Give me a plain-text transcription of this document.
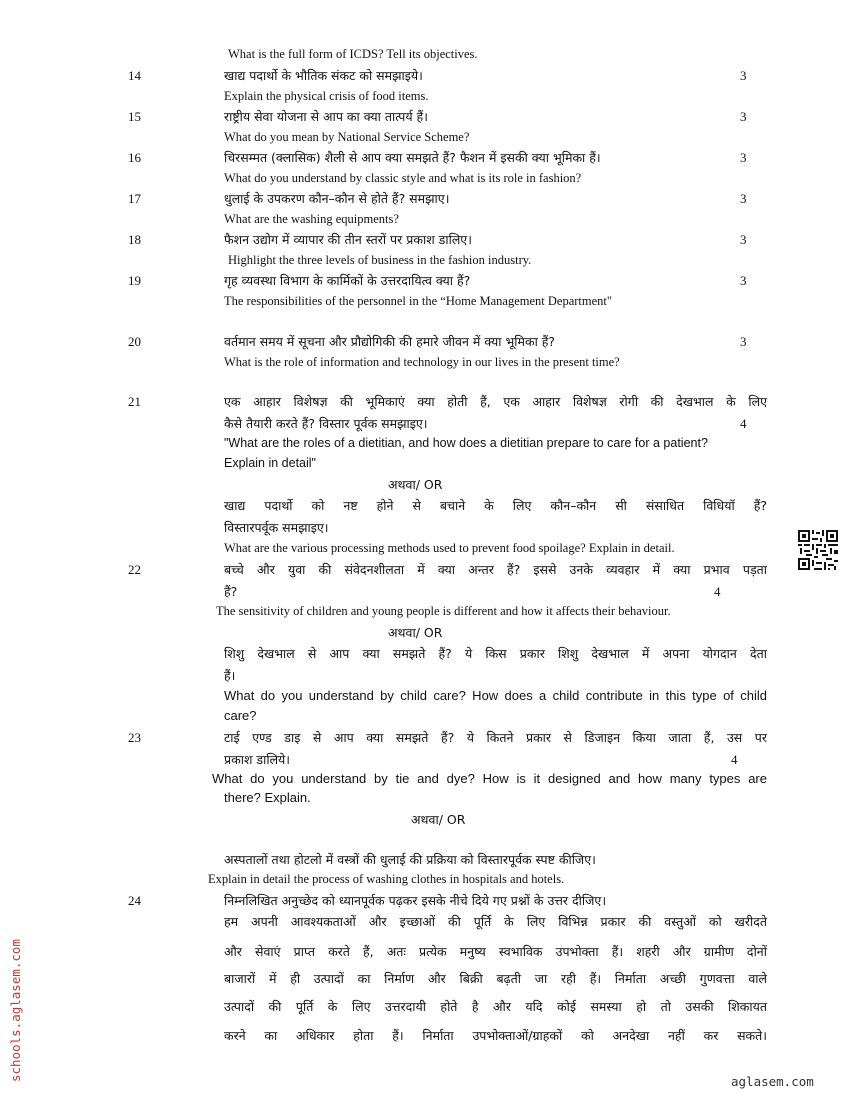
What is the full form of ICDS? Tell its objectives.
14	खाद्य पदार्थो के भौतिक संकट को समझाइये।	3
Explain the physical crisis of food items.
15	राष्ट्रीय सेवा योजना से आप का क्या तात्पर्य हैं।	3
What do you mean by National Service Scheme?
16	चिरसम्मत (क्लासिक) शैली से आप क्या समझते हैं? फैशन में इसकी क्या भूमिका हैं।	3
What do you understand by classic style and what is its role in fashion?
17	धुलाई के उपकरण कौन–कौन से होते हैं? समझाए।	3
What are the washing equipments?
18	फैशन उद्योग में व्यापार की तीन स्तरों पर प्रकाश डालिए।	3
Highlight the three levels of business in the fashion industry.
19	गृह व्यवस्था विभाग के कार्मिकों के उत्तरदायित्व क्या हैं?	3
The responsibilities of the personnel in the “Home Management Department"
20	वर्तमान समय में सूचना और प्रौद्योगिकी की हमारे जीवन में क्या भूमिका हैं?	3
What is the role of information and technology in our lives in the present time?
21	एक आहार विशेषज्ञ की भूमिकाएं क्या होती हैं, एक आहार विशेषज्ञ रोगी की देखभाल के लिए
कैसे तैयारी करते हैं? विस्तार पूर्वक समझाइए।	4
"What are the roles of a dietitian, and how does a dietitian prepare to care for a patient?
Explain in detail"
अथवा/ OR
खाद्य पदार्थो को नष्ट होने से बचाने के लिए कौन–कौन सी संसाधित विधियॉ हैं?
विस्तारपर्वूक समझाइए।
What are the various processing methods used to prevent food spoilage? Explain in detail.
22	बच्चे और युवा की संवेदनशीलता में क्या अन्तर हैं? इससे उनके व्यवहार में क्या प्रभाव पड़ता
हैं?	4
The sensitivity of children and young people is different and how it affects their behaviour.
अथवा/ OR
शिशु देखभाल से आप क्या समझते हैं? ये किस प्रकार शिशु देखभाल में अपना योगदान देता
हैं।
What do you understand by child care? How does a child contribute in this type of child
care?
23	टाई एण्ड डाइ से आप क्या समझते हैं? ये कितने प्रकार से डिजाइन किया जाता हैं, उस पर
प्रकाश डालिये।	4
What do you understand by tie and dye? How is it designed and how many types are
there? Explain.
अथवा/ OR
अस्पतालों तथा होटलो में वस्त्रों की धुलाई की प्रक्रिया को विस्तारपूर्वक स्पष्ट कीजिए।
Explain in detail the process of washing clothes in hospitals and hotels.
24	निम्नलिखित अनुच्छेद को ध्यानपूर्वक पढ़कर इसके नीचे दिये गए प्रश्नों के उत्तर दीजिए।
हम अपनी आवश्यकताओं और इच्छाओं की पूर्ति के लिए विभिन्न प्रकार की वस्तुओं को खरीदते
और सेवाएं प्राप्त करते हैं, अतः प्रत्येक मनुष्य स्वभाविक उपभोक्ता हैं। शहरी और ग्रामीण दोनों
बाजारों में ही उत्पादों का निर्माण और बिक्री बढ़ती जा रही हैं। निर्माता अच्छी गुणवत्ता वाले
उत्पादों की पूर्ति के लिए उत्तरदायी होते है और यदि कोई समस्या हो तो उसकी शिकायत
करने का अधिकार होता हैं। निर्माता उपभोक्ताओं/ग्राहकों को अनदेखा नहीं कर सकते।
schools.aglasem.com	aglasem.com
